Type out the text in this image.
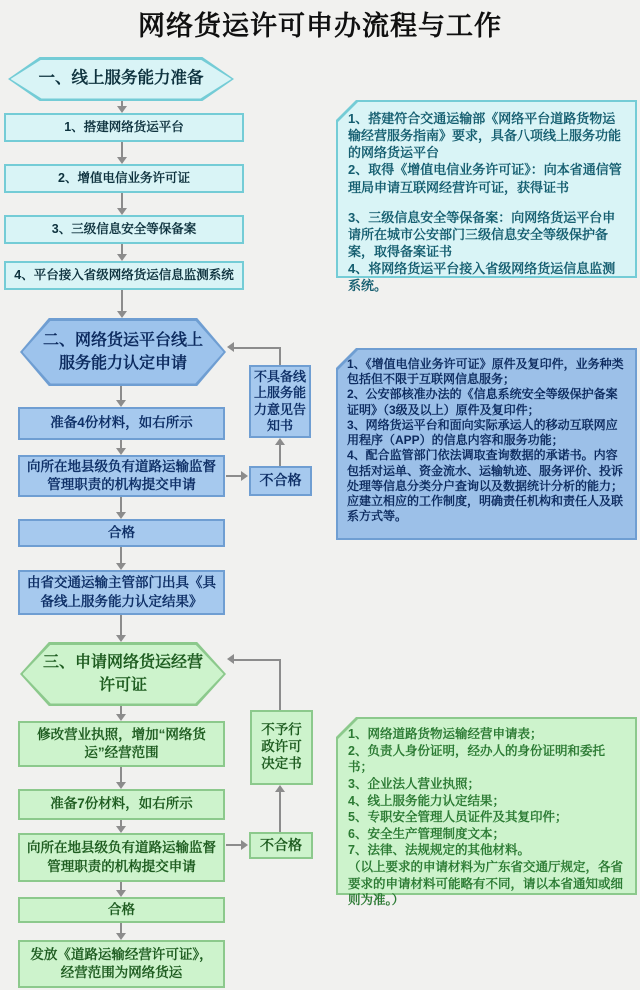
网络货运许可申办流程与工作
一、线上服务能力准备
1、搭建网络货运平台
2、增值电信业务许可证
3、三级信息安全等保备案
4、平台接入省级网络货运信息监测系统
1、搭建符合交通运输部《网络平台道路货物运输经营服务指南》要求，具备八项线上服务功能的网络货运平台
2、取得《增值电信业务许可证》：向本省通信管理局申请互联网经营许可证，获得证书
3、三级信息安全等保备案：向网络货运平台申请所在城市公安部门三级信息安全等级保护备案，取得备案证书
4、将网络货运平台接入省级网络货运信息监测系统。
二、网络货运平台线上
服务能力认定申请
准备4份材料，如右所示
向所在地县级负有道路运输监督管理职责的机构提交申请
合格
由省交通运输主管部门出具《具备线上服务能力认定结果》
不具备线上服务能力意见告知书
不合格
1、《增值电信业务许可证》原件及复印件，业务种类包括但不限于互联网信息服务；
2、公安部核准办法的《信息系统安全等级保护备案证明》（3级及以上）原件及复印件；
3、网络货运平台和面向实际承运人的移动互联网应用程序（APP）的信息内容和服务功能；
4、配合监管部门依法调取查询数据的承诺书。内容包括对运单、资金流水、运输轨迹、服务评价、投诉处理等信息分类分户查询以及数据统计分析的能力；应建立相应的工作制度，明确责任机构和责任人及联系方式等。
三、申请网络货运经营
许可证
修改营业执照，增加“网络货运”经营范围
准备7份材料，如右所示
向所在地县级负有道路运输监督管理职责的机构提交申请
合格
发放《道路运输经营许可证》，经营范围为网络货运
不予行政许可决定书
不合格
1、网络道路货物运输经营申请表；
2、负责人身份证明，经办人的身份证明和委托书；
3、企业法人营业执照；
4、线上服务能力认定结果；
5、专职安全管理人员证件及其复印件；
6、安全生产管理制度文本；
7、法律、法规规定的其他材料。
（以上要求的申请材料为广东省交通厅规定，各省要求的申请材料可能略有不同，请以本省通知或细则为准。）
